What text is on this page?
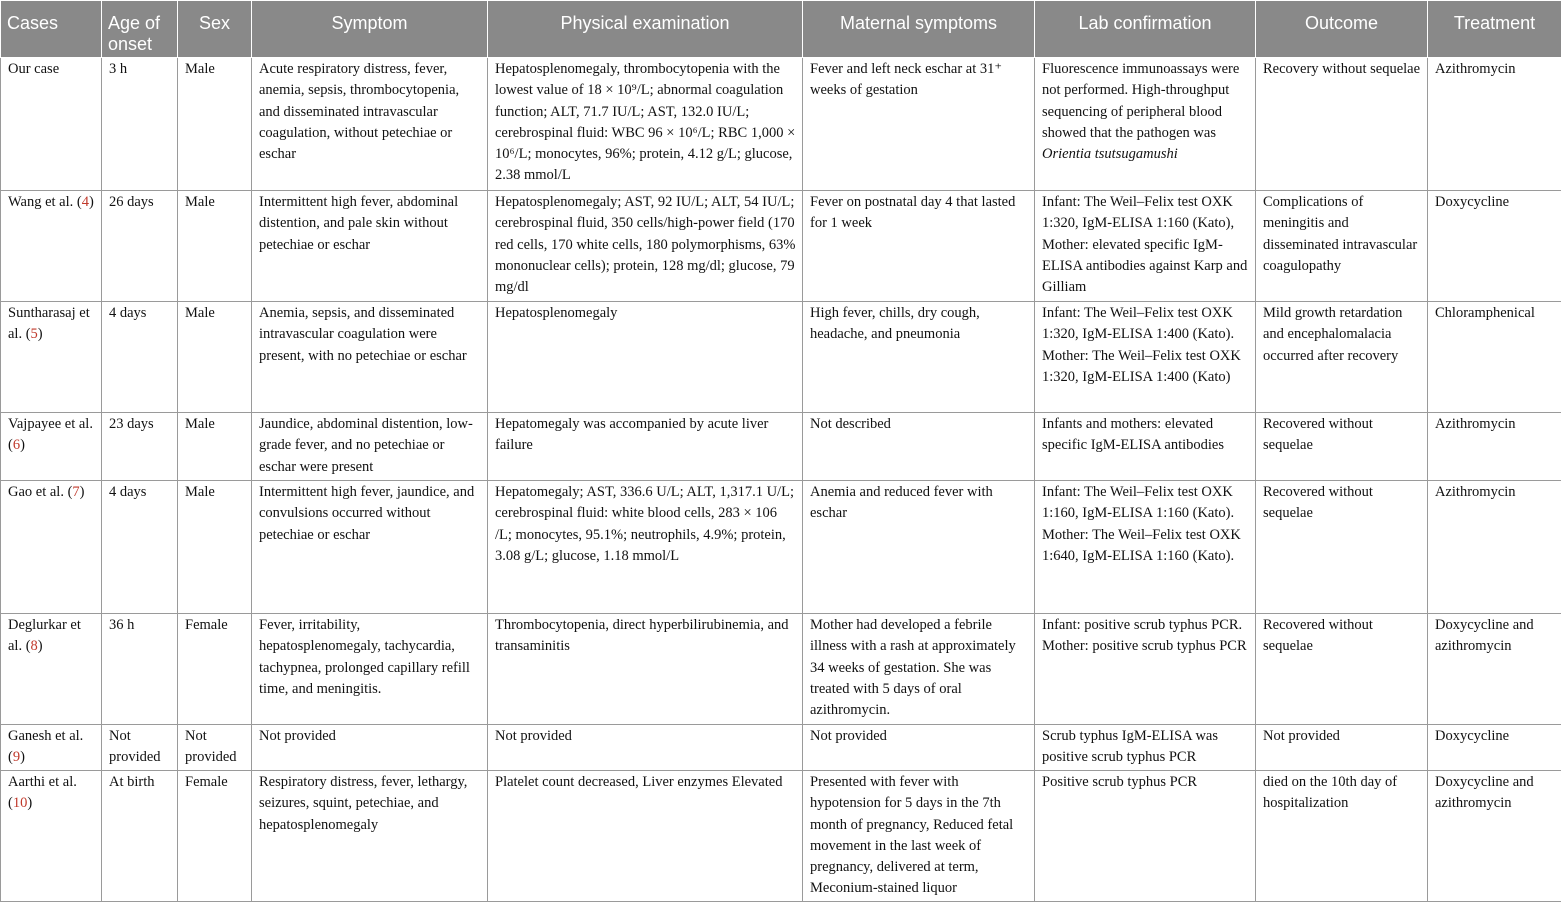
Cases	Age of onset	Sex	Symptom	Physical examination	Maternal symptoms	Lab confirmation	Outcome	Treatment
Our case	3 h	Male	Acute respiratory distress, fever, anemia, sepsis, thrombocytopenia, and disseminated intravascular coagulation, without petechiae or eschar	Hepatosplenomegaly, thrombocytopenia with the lowest value of 18 × 10⁹/L; abnormal coagulation function; ALT, 71.7 IU/L; AST, 132.0 IU/L; cerebrospinal fluid: WBC 96 × 10⁶/L; RBC 1,000 × 10⁶/L; monocytes, 96%; protein, 4.12 g/L; glucose, 2.38 mmol/L	Fever and left neck eschar at 31⁺ weeks of gestation	Fluorescence immunoassays were not performed. High-throughput sequencing of peripheral blood showed that the pathogen was Orientia tsutsugamushi	Recovery without sequelae	Azithromycin
Wang et al. (4)	26 days	Male	Intermittent high fever, abdominal distention, and pale skin without petechiae or eschar	Hepatosplenomegaly; AST, 92 IU/L; ALT, 54 IU/L; cerebrospinal fluid, 350 cells/high-power field (170 red cells, 170 white cells, 180 polymorphisms, 63% mononuclear cells); protein, 128 mg/dl; glucose, 79 mg/dl	Fever on postnatal day 4 that lasted for 1 week	Infant: The Weil–Felix test OXK 1:320, IgM-ELISA 1:160 (Kato), Mother: elevated specific IgM-ELISA antibodies against Karp and Gilliam	Complications of meningitis and disseminated intravascular coagulopathy	Doxycycline
Suntharasaj et al. (5)	4 days	Male	Anemia, sepsis, and disseminated intravascular coagulation were present, with no petechiae or eschar	Hepatosplenomegaly	High fever, chills, dry cough, headache, and pneumonia	Infant: The Weil–Felix test OXK 1:320, IgM-ELISA 1:400 (Kato). Mother: The Weil–Felix test OXK 1:320, IgM-ELISA 1:400 (Kato)	Mild growth retardation and encephalomalacia occurred after recovery	Chloramphenical
Vajpayee et al. (6)	23 days	Male	Jaundice, abdominal distention, low-grade fever, and no petechiae or eschar were present	Hepatomegaly was accompanied by acute liver failure	Not described	Infants and mothers: elevated specific IgM-ELISA antibodies	Recovered without sequelae	Azithromycin
Gao et al. (7)	4 days	Male	Intermittent high fever, jaundice, and convulsions occurred without petechiae or eschar	Hepatomegaly; AST, 336.6 U/L; ALT, 1,317.1 U/L; cerebrospinal fluid: white blood cells, 283 × 106 /L; monocytes, 95.1%; neutrophils, 4.9%; protein, 3.08 g/L; glucose, 1.18 mmol/L	Anemia and reduced fever with eschar	Infant: The Weil–Felix test OXK 1:160, IgM-ELISA 1:160 (Kato). Mother: The Weil–Felix test OXK 1:640, IgM-ELISA 1:160 (Kato).	Recovered without sequelae	Azithromycin
Deglurkar et al. (8)	36 h	Female	Fever, irritability, hepatosplenomegaly, tachycardia, tachypnea, prolonged capillary refill time, and meningitis.	Thrombocytopenia, direct hyperbilirubinemia, and transaminitis	Mother had developed a febrile illness with a rash at approximately 34 weeks of gestation. She was treated with 5 days of oral azithromycin.	Infant: positive scrub typhus PCR. Mother: positive scrub typhus PCR	Recovered without sequelae	Doxycycline and azithromycin
Ganesh et al. (9)	Not provided	Not provided	Not provided	Not provided	Not provided	Scrub typhus IgM-ELISA was positive scrub typhus PCR	Not provided	Doxycycline
Aarthi et al. (10)	At birth	Female	Respiratory distress, fever, lethargy, seizures, squint, petechiae, and hepatosplenomegaly	Platelet count decreased, Liver enzymes Elevated	Presented with fever with hypotension for 5 days in the 7th month of pregnancy, Reduced fetal movement in the last week of pregnancy, delivered at term, Meconium-stained liquor	Positive scrub typhus PCR	died on the 10th day of hospitalization	Doxycycline and azithromycin
